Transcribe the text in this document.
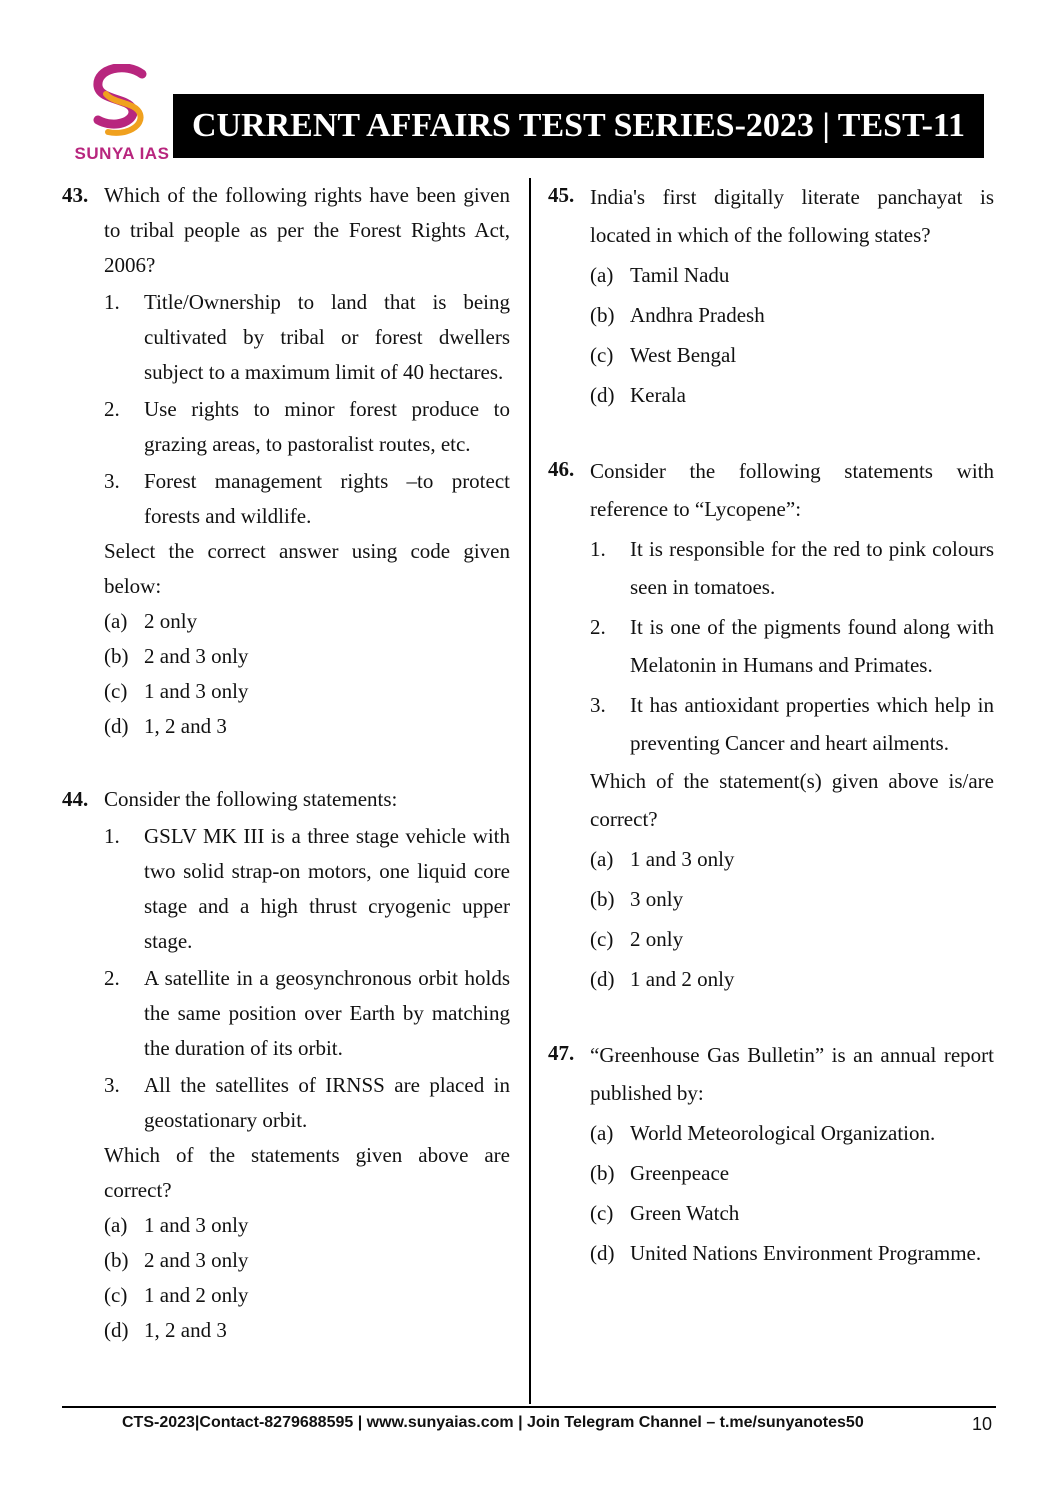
SUNYA IAS
CURRENT AFFAIRS TEST SERIES-2023 | TEST-11
43. Which of the following rights have been given to tribal people as per the Forest Rights Act, 2006?

1.	Title/Ownership to land that is being cultivated by tribal or forest dwellers subject to a maximum limit of 40 hectares.
2.	Use rights to minor forest produce to grazing areas, to pastoralist routes, etc.
3.	Forest management rights –to protect forests and wildlife.

Select the correct answer using code given below:

(a) 2 only
(b) 2 and 3 only
(c) 1 and 3 only
(d) 1, 2 and 3
44. Consider the following statements:

1.	GSLV MK III is a three stage vehicle with two solid strap-on motors, one liquid core stage and a high thrust cryogenic upper stage.
2.	A satellite in a geosynchronous orbit holds the same position over Earth by matching the duration of its orbit.
3.	All the satellites of IRNSS are placed in geostationary orbit.

Which of the statements given above are correct?

(a) 1 and 3 only
(b) 2 and 3 only
(c) 1 and 2 only
(d) 1, 2 and 3
45. India's first digitally literate panchayat is located in which of the following states?

(a) Tamil Nadu
(b) Andhra Pradesh
(c) West Bengal
(d) Kerala
46. Consider the following statements with reference to “Lycopene”:

1.	It is responsible for the red to pink colours seen in tomatoes.
2.	It is one of the pigments found along with Melatonin in Humans and Primates.
3.	It has antioxidant properties which help in preventing Cancer and heart ailments.

Which of the statement(s) given above is/are correct?

(a) 1 and 3 only
(b) 3 only
(c) 2 only
(d) 1 and 2 only
47. “Greenhouse Gas Bulletin” is an annual report published by:

(a) World Meteorological Organization.
(b) Greenpeace
(c) Green Watch
(d) United Nations Environment Programme.
CTS-2023|Contact-8279688595 | www.sunyaias.com | Join Telegram Channel – t.me/sunyanotes50	10
